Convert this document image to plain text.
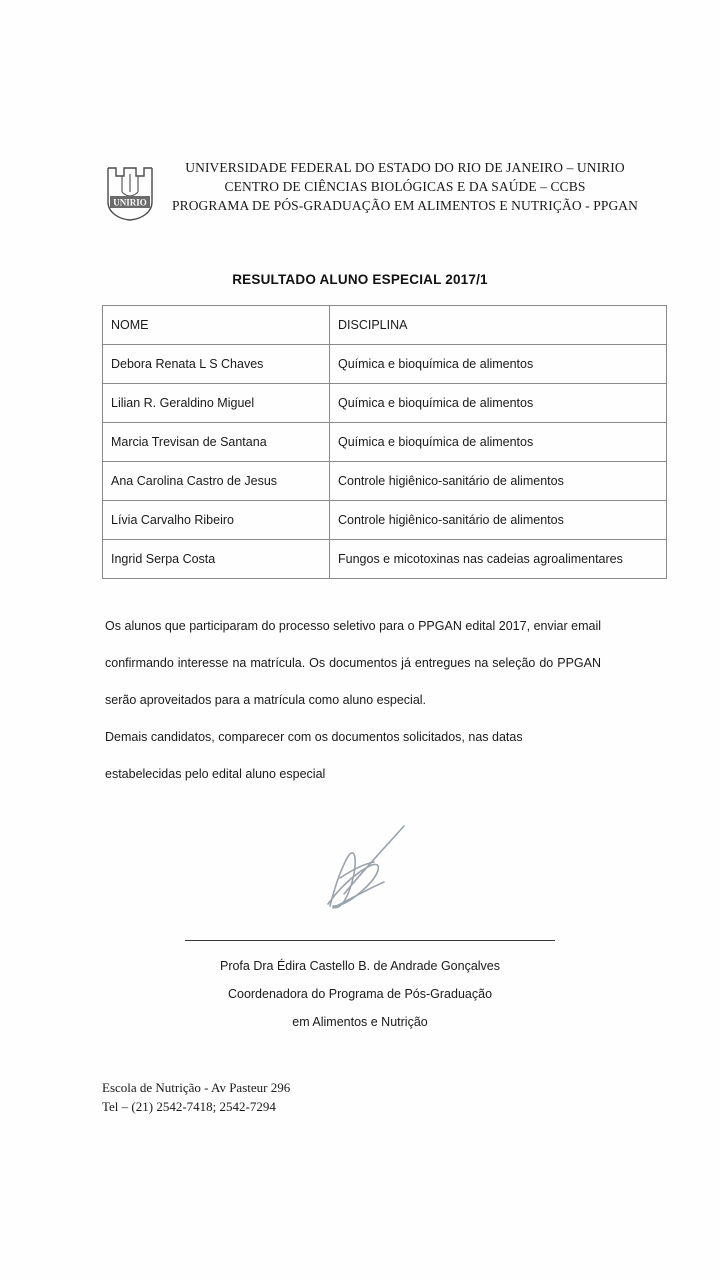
UNIRIO
UNIVERSIDADE FEDERAL DO ESTADO DO RIO DE JANEIRO – UNIRIO
CENTRO DE CIÊNCIAS BIOLÓGICAS E DA SAÚDE – CCBS
PROGRAMA DE PÓS-GRADUAÇÃO EM ALIMENTOS E NUTRIÇÃO - PPGAN
RESULTADO ALUNO ESPECIAL 2017/1
NOME	DISCIPLINA
Debora Renata L S Chaves	Química e bioquímica de alimentos
Lilian R. Geraldino Miguel	Química e bioquímica de alimentos
Marcia Trevisan de Santana	Química e bioquímica de alimentos
Ana Carolina Castro de Jesus	Controle higiênico-sanitário de alimentos
Lívia Carvalho Ribeiro	Controle higiênico-sanitário de alimentos
Ingrid Serpa Costa	Fungos e micotoxinas nas cadeias agroalimentares

Os alunos que participaram do processo seletivo para o PPGAN edital 2017, enviar email confirmando interesse na matrícula. Os documentos já entregues na seleção do PPGAN serão aproveitados para a matrícula como aluno especial.

Demais candidatos, comparecer com os documentos solicitados, nas datas estabelecidas pelo edital aluno especial

Profa Dra Édira Castello B. de Andrade Gonçalves
Coordenadora do Programa de Pós-Graduação
em Alimentos e Nutrição
Escola de Nutrição - Av Pasteur 296
Tel – (21) 2542-7418; 2542-7294
